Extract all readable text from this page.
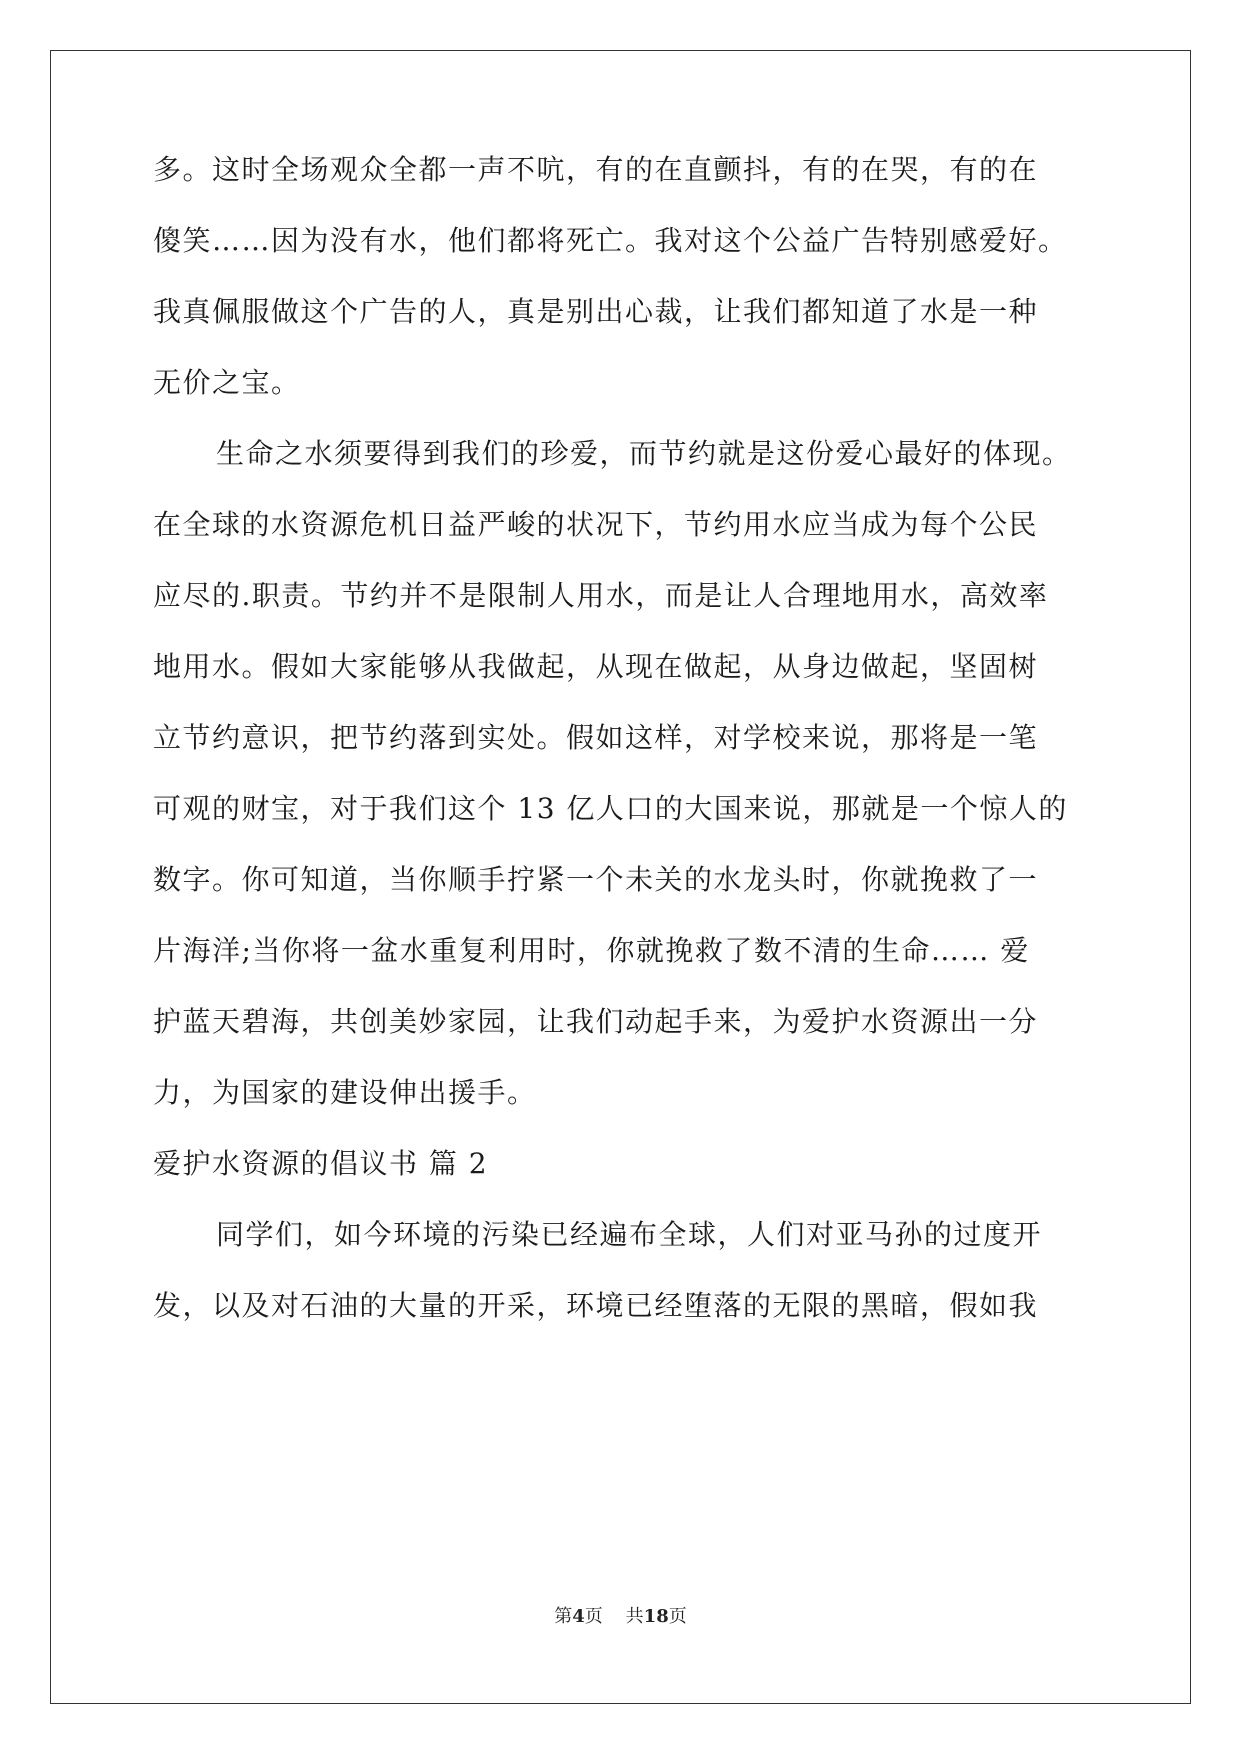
多。这时全场观众全都一声不吭，有的在直颤抖，有的在哭，有的在
傻笑……因为没有水，他们都将死亡。我对这个公益广告特别感爱好。
我真佩服做这个广告的人，真是别出心裁，让我们都知道了水是一种
无价之宝。
生命之水须要得到我们的珍爱，而节约就是这份爱心最好的体现。
在全球的水资源危机日益严峻的状况下，节约用水应当成为每个公民
应尽的.职责。节约并不是限制人用水，而是让人合理地用水，高效率
地用水。假如大家能够从我做起，从现在做起，从身边做起，坚固树
立节约意识，把节约落到实处。假如这样，对学校来说，那将是一笔
可观的财宝，对于我们这个 13 亿人口的大国来说，那就是一个惊人的
数字。你可知道，当你顺手拧紧一个未关的水龙头时，你就挽救了一
片海洋;当你将一盆水重复利用时，你就挽救了数不清的生命…… 爱
护蓝天碧海，共创美妙家园，让我们动起手来，为爱护水资源出一分
力，为国家的建设伸出援手。
爱护水资源的倡议书 篇 2
同学们，如今环境的污染已经遍布全球，人们对亚马孙的过度开
发，以及对石油的大量的开采，环境已经堕落的无限的黑暗，假如我
第4页    共18页
